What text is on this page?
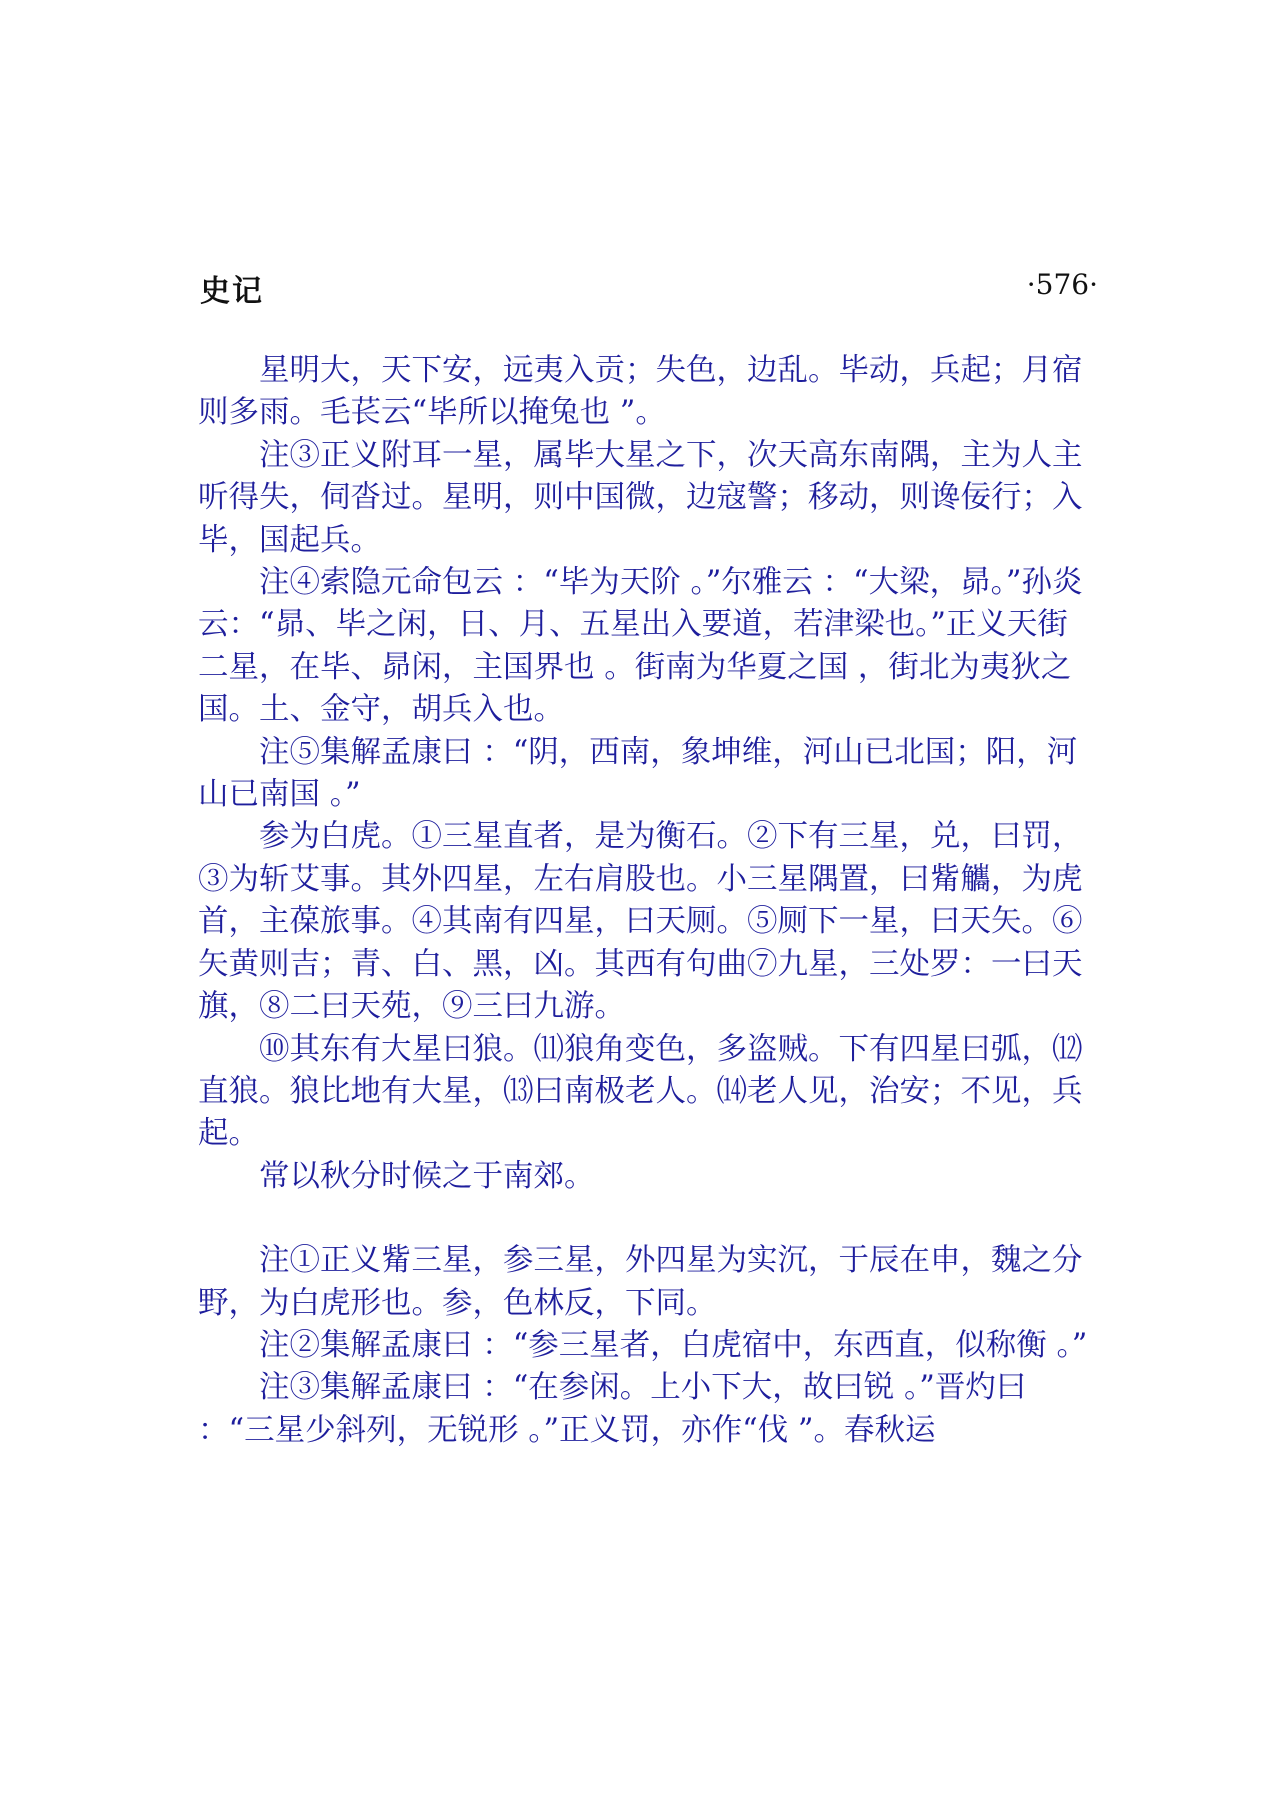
史记	·576·

星明大，天下安，远夷入贡；失色，边乱。毕动，兵起；月宿则多雨。毛苌云“毕所以掩兔也 ”。

注③正义附耳一星，属毕大星之下，次天高东南隅，主为人主听得失，伺沓过。星明，则中国微，边寇警；移动，则谗佞行；入毕，国起兵。

注④索隐元命包云 ：“毕为天阶 。”尔雅云 ：“大梁，昴。”孙炎云：“昴、毕之闲，日、月、五星出入要道，若津梁也。”正义天街二星，在毕、昴闲，主国界也 。街南为华夏之国 ，街北为夷狄之国。土、金守，胡兵入也。

注⑤集解孟康曰 ：“阴，西南，象坤维，河山已北国；阳，河山已南国 。”

参为白虎。①三星直者，是为衡石。②下有三星，兑，曰罚，③为斩艾事。其外四星，左右肩股也。小三星隅置，曰觜觿，为虎首，主葆旅事。④其南有四星，曰天厕。⑤厕下一星，曰天矢。⑥矢黄则吉；青、白、黑，凶。其西有句曲⑦九星，三处罗：一曰天旗，⑧二曰天苑，⑨三曰九游。

⑩其东有大星曰狼。⑾狼角变色，多盗贼。下有四星曰弧，⑿直狼。狼比地有大星，⒀曰南极老人。⒁老人见，治安；不见，兵起。

常以秋分时候之于南郊。

注①正义觜三星，参三星，外四星为实沉，于辰在申，魏之分野，为白虎形也。参，色林反，下同。

注②集解孟康曰 ：“参三星者，白虎宿中，东西直，似称衡 。”

注③集解孟康曰 ：“在参闲。上小下大，故曰锐 。”晋灼曰 ：“三星少斜列，无锐形 。”正义罚，亦作“伐 ”。春秋运
